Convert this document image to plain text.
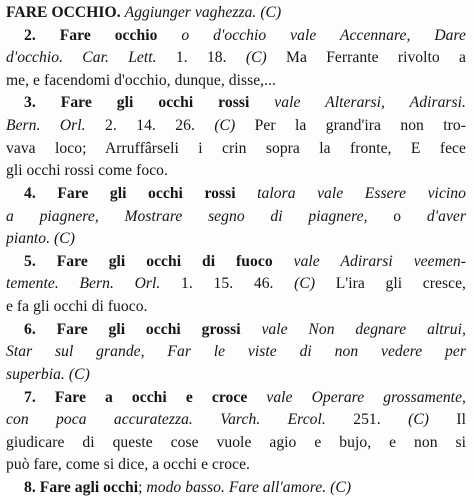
FARE OCCHIO. Aggiunger vaghezza. (C)
2. Fare occhio o d'occhio vale Accennare, Dare
d'occhio. Car. Lett. 1. 18. (C) Ma Ferrante rivolto a
me, e facendomi d'occhio, dunque, disse,...
3. Fare gli occhi rossi vale Alterarsi, Adirarsi.
Bern. Orl. 2. 14. 26. (C) Per la grand'ira non tro-
vava loco; Arruffârseli i crin sopra la fronte, E fece
gli occhi rossi come foco.
4. Fare gli occhi rossi talora vale Essere vicino
a piagnere, Mostrare segno di piagnere, o d'aver
pianto. (C)
5. Fare gli occhi di fuoco vale Adirarsi veemen-
temente. Bern. Orl. 1. 15. 46. (C) L'ira gli cresce,
e fa gli occhi di fuoco.
6. Fare gli occhi grossi vale Non degnare altrui,
Star sul grande, Far le viste di non vedere per
superbia. (C)
7. Fare a occhi e croce vale Operare grossamente,
con poca accuratezza. Varch. Ercol. 251. (C) Il
giudicare di queste cose vuole agio e bujo, e non si
può fare, come si dice, a occhi e croce.
8. Fare agli occhi; modo basso. Fare all'amore. (C)
